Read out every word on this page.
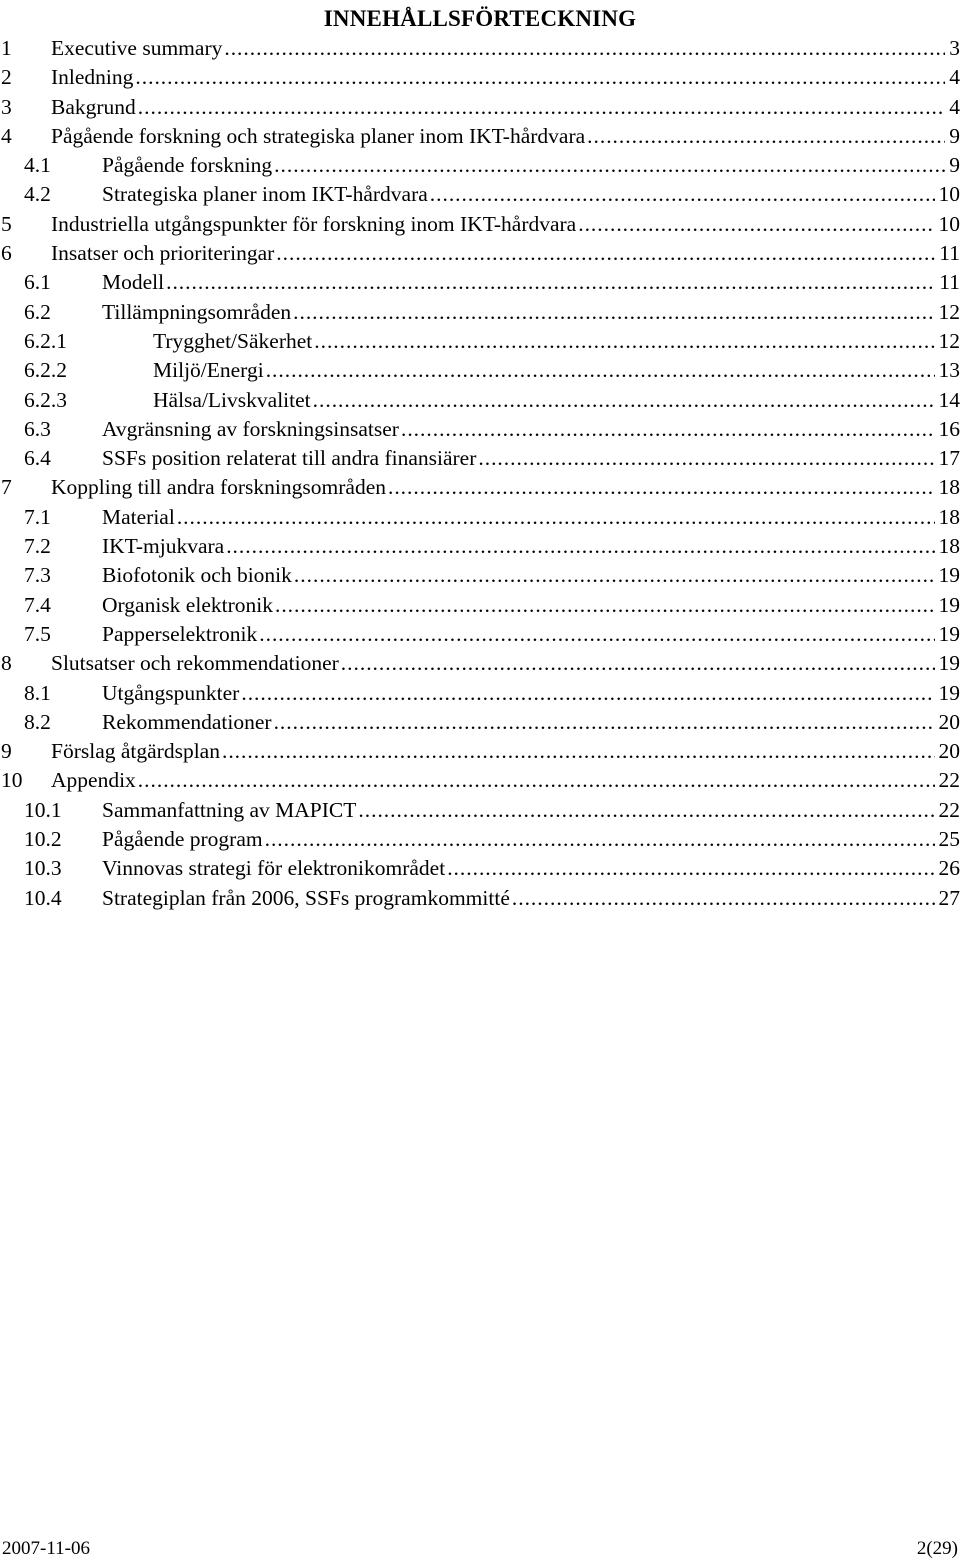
INNEHÅLLSFÖRTECKNING
1 Executive summary . . .	3
2 Inledning . . .	4
3 Bakgrund . . .	4
4 Pågående forskning och strategiska planer inom IKT-hårdvara . . .	9
4.1 Pågående forskning . . .	9
4.2 Strategiska planer inom IKT-hårdvara . . .	10
5 Industriella utgångspunkter för forskning inom IKT-hårdvara . . .	10
6 Insatser och prioriteringar . . .	11
6.1 Modell . . .	11
6.2 Tillämpningsområden . . .	12
6.2.1	Trygghet/Säkerhet . . .	12
6.2.2	Miljö/Energi . . .	13
6.2.3	Hälsa/Livskvalitet . . .	14
6.3 Avgränsning av forskningsinsatser . . .	16
6.4 SSFs position relaterat till andra finansiärer . . .	17
7 Koppling till andra forskningsområden . . .	18
7.1 Material . . .	18
7.2 IKT-mjukvara . . .	18
7.3 Biofotonik och bionik . . .	19
7.4 Organisk elektronik . . .	19
7.5 Papperselektronik . . .	19
8 Slutsatser och rekommendationer . . .	19
8.1 Utgångspunkter . . .	19
8.2 Rekommendationer . . .	20
9 Förslag åtgärdsplan . . .	20
10 Appendix . . .	22
10.1 Sammanfattning av MAPICT . . .	22
10.2 Pågående program . . .	25
10.3 Vinnovas strategi för elektronikområdet . . .	26
10.4 Strategiplan från 2006, SSFs programkommitté . . .	27
2007-11-06	2(29)
